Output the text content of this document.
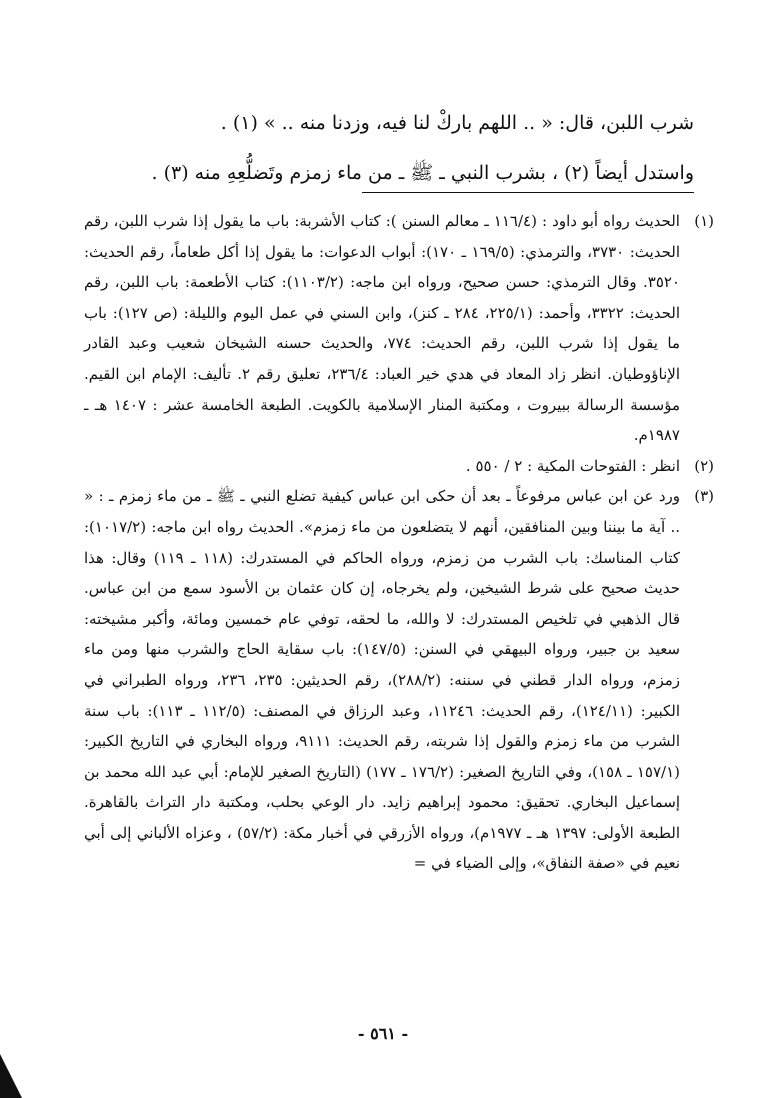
شرب اللبن، قال: « .. اللهم باركْ لنا فيه، وزدنا منه .. » (١) .

واستدل أيضاً (٢) ، بشرب النبي ـ ﷺ ـ من ماء زمزم وتَضلُّعِهِ منه (٣) .

(١)
الحديث رواه أبو داود : (١١٦/٤ ـ معالم السنن ): كتاب الأشربة: باب ما يقول إذا شرب اللبن، رقم الحديث: ٣٧٣٠، والترمذي: (١٦٩/٥ ـ ١٧٠): أبواب الدعوات: ما يقول إذا أكل طعاماً، رقم الحديث: ٣٥٢٠. وقال الترمذي: حسن صحيح، ورواه ابن ماجه: (١١٠٣/٢): كتاب الأطعمة: باب اللبن، رقم الحديث: ٣٣٢٢، وأحمد: (٢٢٥/١، ٢٨٤ ـ كنز)، وابن السني في عمل اليوم والليلة: (ص ١٢٧): باب ما يقول إذا شرب اللبن، رقم الحديث: ٧٧٤، والحديث حسنه الشيخان شعيب وعبد القادر الإناؤوطيان. انظر زاد المعاد في هدي خير العباد: ٢٣٦/٤، تعليق رقم ٢. تأليف: الإمام ابن القيم. مؤسسة الرسالة ببيروت ، ومكتبة المنار الإسلامية بالكويت. الطبعة الخامسة عشر : ١٤٠٧ هـ ـ ١٩٨٧م.

(٢)
انظر : الفتوحات المكية : ٢ / ٥٥٠ .

(٣)
ورد عن ابن عباس مرفوعاً ـ بعد أن حكى ابن عباس كيفية تضلع النبي ـ ﷺ ـ من ماء زمزم ـ : « .. آية ما بيننا وبين المنافقين، أنهم لا يتضلعون من ماء زمزم». الحديث رواه ابن ماجه: (١٠١٧/٢): كتاب المناسك: باب الشرب من زمزم، ورواه الحاكم في المستدرك: (١١٨ ـ ١١٩) وقال: هذا حديث صحيح على شرط الشيخين، ولم يخرجاه، إن كان عثمان بن الأسود سمع من ابن عباس. قال الذهبي في تلخيص المستدرك: لا والله، ما لحقه، توفي عام خمسين ومائة، وأكبر مشيخته: سعيد بن جبير، ورواه البيهقي في السنن: (١٤٧/٥): باب سقاية الحاج والشرب منها ومن ماء زمزم، ورواه الدار قطني في سننه: (٢٨٨/٢)، رقم الحديثين: ٢٣٥، ٢٣٦، ورواه الطبراني في الكبير: (١٢٤/١١)، رقم الحديث: ١١٢٤٦، وعبد الرزاق في المصنف: (١١٢/٥ ـ ١١٣): باب سنة الشرب من ماء زمزم والقول إذا شربته، رقم الحديث: ٩١١١، ورواه البخاري في التاريخ الكبير: (١٥٧/١ ـ ١٥٨)، وفي التاريخ الصغير: (١٧٦/٢ ـ ١٧٧) (التاريخ الصغير للإمام: أبي عبد الله محمد بن إسماعيل البخاري. تحقيق: محمود إبراهيم زايد. دار الوعي بحلب، ومكتبة دار التراث بالقاهرة. الطبعة الأولى: ١٣٩٧ هـ ـ ١٩٧٧م)، ورواه الأزرقي في أخبار مكة: (٥٧/٢) ، وعزاه الألباني إلى أبي نعيم في «صفة النفاق»، وإلى الضياء في =

- ٥٦١ -
